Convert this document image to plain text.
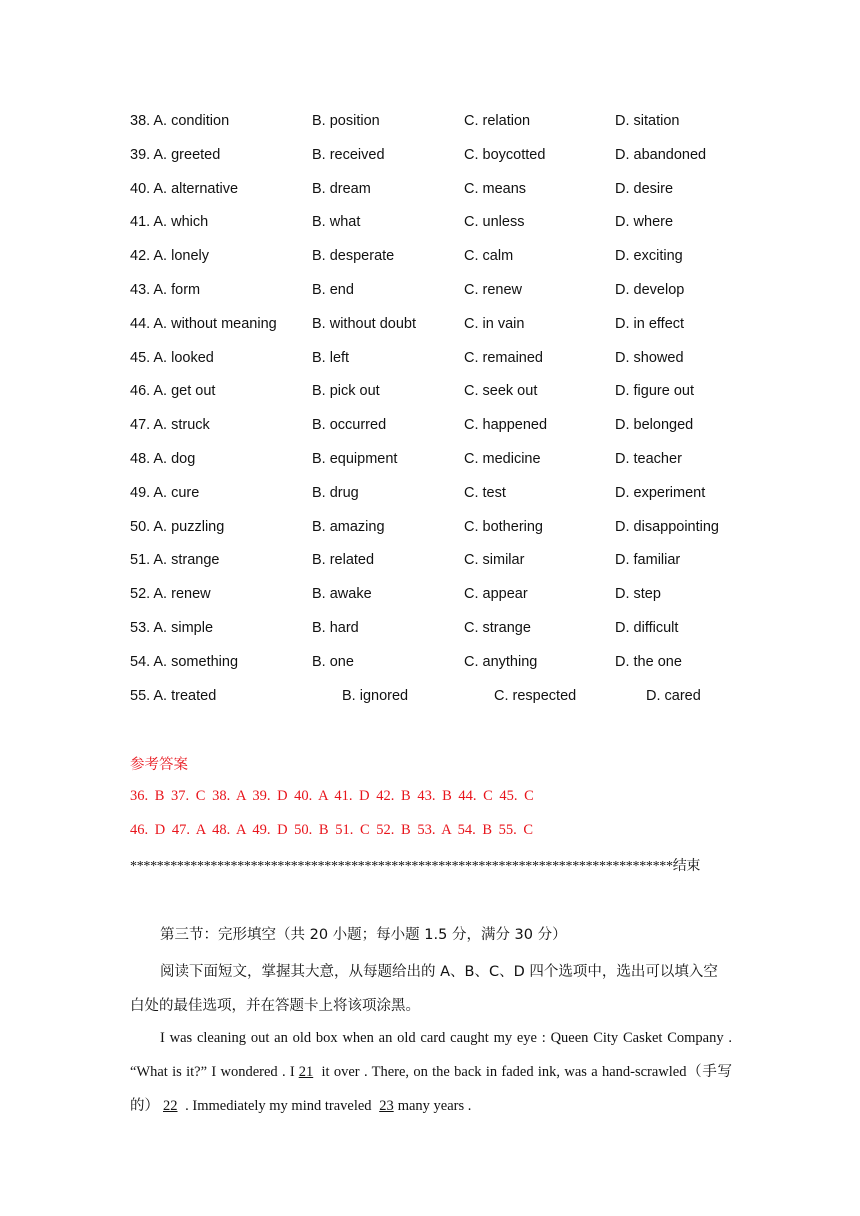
38. A. condition	B. position	C. relation	D. sitation
39. A. greeted	B. received	C. boycotted	D. abandoned
40. A. alternative	B. dream	C. means	D. desire
41. A. which	B. what	C. unless	D. where
42. A. lonely	B. desperate	C. calm	D. exciting
43. A. form	B. end	C. renew	D. develop
44. A. without meaning B. without doubt	C. in vain	D. in effect
45. A. looked	B. left	C. remained	D. showed
46. A. get out	B. pick out	C. seek out	D. figure out
47. A. struck	B. occurred	C. happened	D. belonged
48. A. dog	B. equipment	C. medicine	D. teacher
49. A. cure	B. drug	C. test	D. experiment
50. A. puzzling	B. amazing	C. bothering	D. disappointing
51. A. strange	B. related	C. similar	D. familiar
52. A. renew	B. awake	C. appear	D. step
53. A. simple	B. hard	C. strange	D. difficult
54. A. something	B. one	C. anything	D. the one
55. A. treated	B. ignored	C. respected	D. cared
参考答案
36. B 37. C 38. A 39. D 40. A 41. D 42. B 43. B 44. C 45. C
46. D 47. A 48. A 49. D 50. B 51. C 52. B 53. A 54. B 55. C
*********************************************************************************结束
第三节：完形填空（共 20 小题；每小题 1.5 分，满分 30 分）
阅读下面短文，掌握其大意，从每题给出的 A、B、C、D 四个选项中，选出可以填入空白处的最佳选项，并在答题卡上将该项涂黑。
I was cleaning out an old box when an old card caught my eye : Queen City Casket Company . “What is it?” I wondered . I 21 it over . There, on the back in faded ink, was a hand-scrawled（手写的） 22 . Immediately my mind traveled 23 many years .
